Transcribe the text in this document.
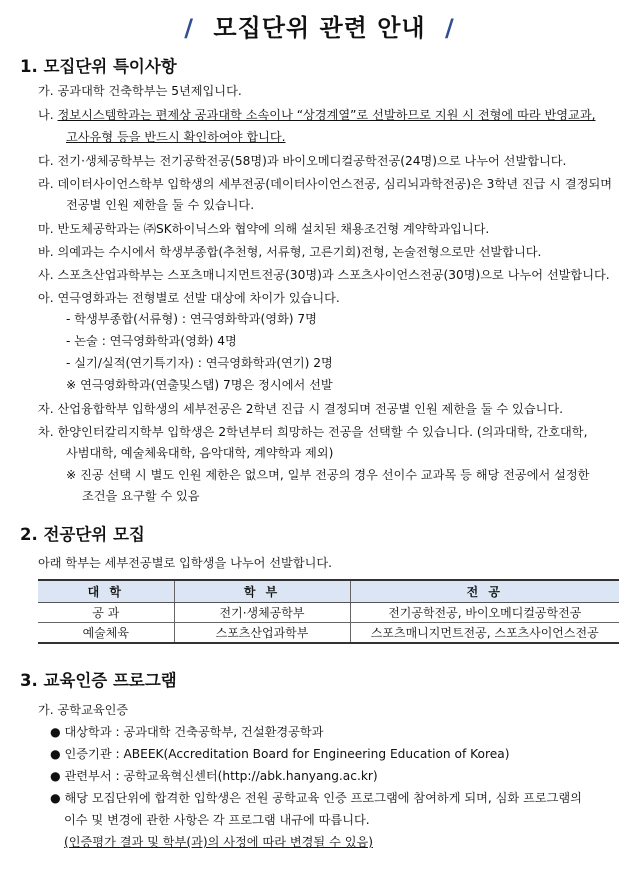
/ 모집단위 관련 안내 /
1. 모집단위 특이사항
가. 공과대학 건축학부는 5년제입니다.
나. 정보시스템학과는 편제상 공과대학 소속이나 “상경계열”로 선발하므로 지원 시 전형에 따라 반영교과,
고사유형 등을 반드시 확인하여야 합니다.
다. 전기·생체공학부는 전기공학전공(58명)과 바이오메디컬공학전공(24명)으로 나누어 선발합니다.
라. 데이터사이언스학부 입학생의 세부전공(데이터사이언스전공, 심리뇌과학전공)은 3학년 진급 시 결정되며
전공별 인원 제한을 둘 수 있습니다.
마. 반도체공학과는 ㈜SK하이닉스와 협약에 의해 설치된 채용조건형 계약학과입니다.
바. 의예과는 수시에서 학생부종합(추천형, 서류형, 고른기회)전형, 논술전형으로만 선발합니다.
사. 스포츠산업과학부는 스포츠매니지먼트전공(30명)과 스포츠사이언스전공(30명)으로 나누어 선발합니다.
아. 연극영화과는 전형별로 선발 대상에 차이가 있습니다.
- 학생부종합(서류형) : 연극영화학과(영화) 7명
- 논술 : 연극영화학과(영화) 4명
- 실기/실적(연기특기자) : 연극영화학과(연기) 2명
※ 연극영화학과(연출및스탭) 7명은 정시에서 선발
자. 산업융합학부 입학생의 세부전공은 2학년 진급 시 결정되며 전공별 인원 제한을 둘 수 있습니다.
차. 한양인터칼리지학부 입학생은 2학년부터 희망하는 전공을 선택할 수 있습니다. (의과대학, 간호대학,
사범대학, 예술체육대학, 음악대학, 계약학과 제외)
※ 진공 선택 시 별도 인원 제한은 없으며, 일부 전공의 경우 선이수 교과목 등 해당 전공에서 설정한
조건을 요구할 수 있음
2. 전공단위 모집
아래 학부는 세부전공별로 입학생을 나누어 선발합니다.
대 학	학 부	전 공
공 과	전기·생체공학부	전기공학전공, 바이오메디컬공학전공
예술체육	스포츠산업과학부	스포츠매니지먼트전공, 스포츠사이언스전공
3. 교육인증 프로그램
가. 공학교육인증
● 대상학과 : 공과대학 건축공학부, 건설환경공학과
● 인증기관 : ABEEK(Accreditation Board for Engineering Education of Korea)
● 관련부서 : 공학교육혁신센터(http://abk.hanyang.ac.kr)
● 해당 모집단위에 합격한 입학생은 전원 공학교육 인증 프로그램에 참여하게 되며, 심화 프로그램의
이수 및 변경에 관한 사항은 각 프로그램 내규에 따릅니다.
(인증평가 결과 및 학부(과)의 사정에 따라 변경될 수 있음)
